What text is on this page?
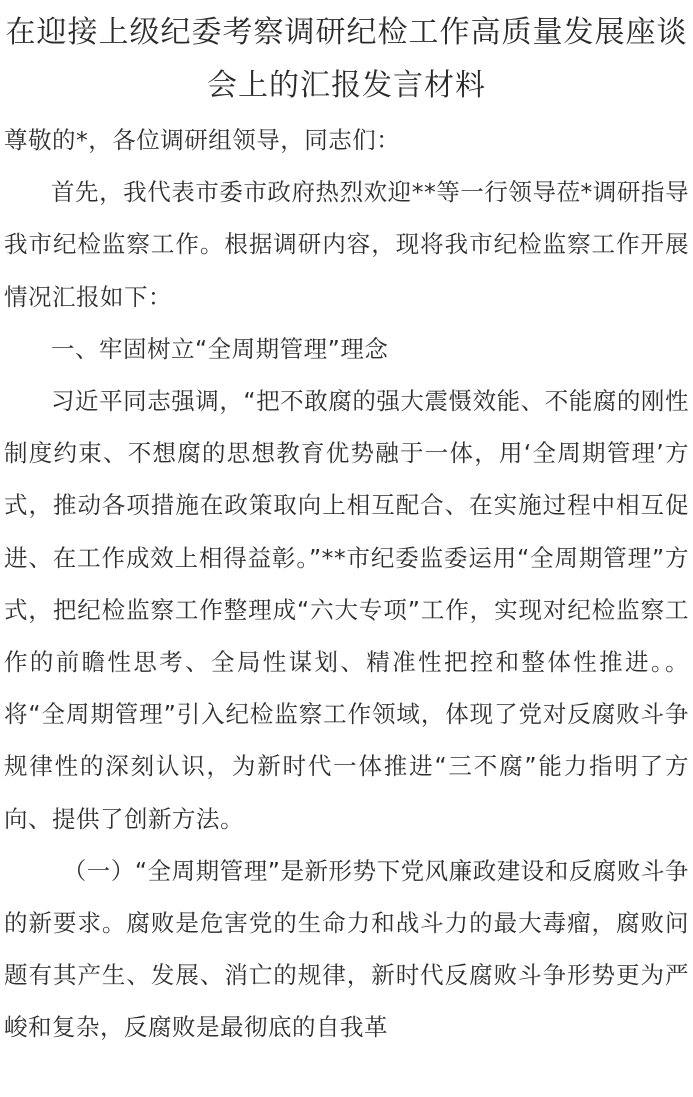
在迎接上级纪委考察调研纪检工作高质量发展座谈会上的汇报发言材料

尊敬的*，各位调研组领导，同志们：

首先，我代表市委市政府热烈欢迎**等一行领导莅*调研指导我市纪检监察工作。根据调研内容，现将我市纪检监察工作开展情况汇报如下：

一、牢固树立“全周期管理”理念

习近平同志强调，“把不敢腐的强大震慑效能、不能腐的刚性制度约束、不想腐的思想教育优势融于一体，用‘全周期管理’方式，推动各项措施在政策取向上相互配合、在实施过程中相互促进、在工作成效上相得益彰。”**市纪委监委运用“全周期管理”方式，把纪检监察工作整理成“六大专项”工作，实现对纪检监察工作的前瞻性思考、全局性谋划、精准性把控和整体性推进。。将“全周期管理”引入纪检监察工作领域，体现了党对反腐败斗争规律性的深刻认识，为新时代一体推进“三不腐”能力指明了方向、提供了创新方法。

（一）“全周期管理”是新形势下党风廉政建设和反腐败斗争的新要求。腐败是危害党的生命力和战斗力的最大毒瘤，腐败问题有其产生、发展、消亡的规律，新时代反腐败斗争形势更为严峻和复杂，反腐败是最彻底的自我革
